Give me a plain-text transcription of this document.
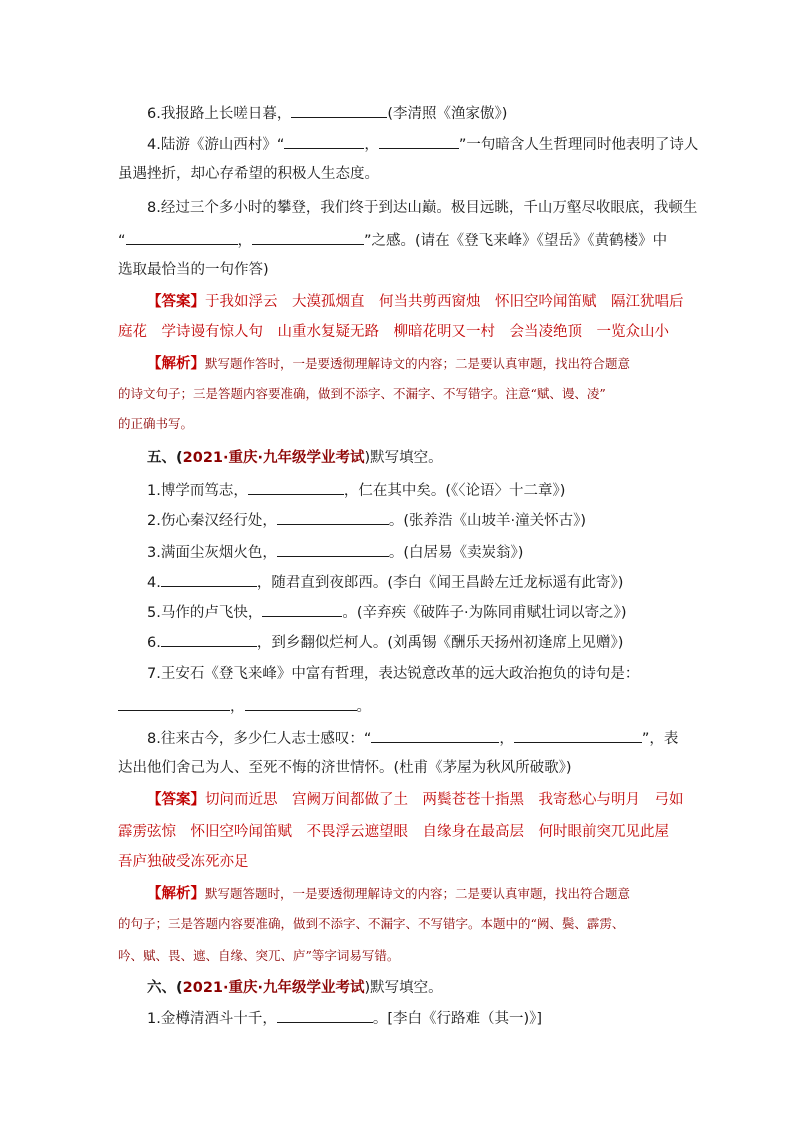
6.我报路上长嗟日暮，	(李清照《渔家傲》)
4.陆游《游山西村》“	，	”一句暗含人生哲理同时他表明了诗人
虽遇挫折，却心存希望的积极人生态度。
8.经过三个多小时的攀登，我们终于到达山巅。极目远眺，千山万壑尽收眼底，我顿生
“	，	”之感。(请在《登飞来峰》《望岳》《黄鹤楼》中
选取最恰当的一句作答)
【答案】于我如浮云　大漠孤烟直　何当共剪西窗烛　怀旧空吟闻笛赋　隔江犹唱后
庭花　学诗谩有惊人句　山重水复疑无路　柳暗花明又一村　会当凌绝顶　一览众山小
【解析】默写题作答时，一是要透彻理解诗文的内容；二是要认真审题，找出符合题意
的诗文句子；三是答题内容要准确，做到不添字、不漏字、不写错字。注意“赋、谩、凌”
的正确书写。
五、(2021·重庆·九年级学业考试)默写填空。
1.博学而笃志，	，仁在其中矣。(《〈论语〉十二章》)
2.伤心秦汉经行处，	。(张养浩《山坡羊·潼关怀古》)
3.满面尘灰烟火色，	。(白居易《卖炭翁》)
4.	，随君直到夜郎西。(李白《闻王昌龄左迁龙标遥有此寄》)
5.马作的卢飞快，	。(辛弃疾《破阵子·为陈同甫赋壮词以寄之》)
6.	，到乡翻似烂柯人。(刘禹锡《酬乐天扬州初逢席上见赠》)
7.王安石《登飞来峰》中富有哲理，表达锐意改革的远大政治抱负的诗句是：
，	。
8.往来古今，多少仁人志士感叹：“	，	”，表
达出他们舍己为人、至死不悔的济世情怀。(杜甫《茅屋为秋风所破歌》)
【答案】切问而近思　宫阙万间都做了土　两鬓苍苍十指黑　我寄愁心与明月　弓如
霹雳弦惊　怀旧空吟闻笛赋　不畏浮云遮望眼　自缘身在最高层　何时眼前突兀见此屋
吾庐独破受冻死亦足
【解析】默写题答题时，一是要透彻理解诗文的内容；二是要认真审题，找出符合题意
的句子；三是答题内容要准确，做到不添字、不漏字、不写错字。本题中的“阙、鬓、霹雳、
吟、赋、畏、遮、自缘、突兀、庐”等字词易写错。
六、(2021·重庆·九年级学业考试)默写填空。
1.金樽清酒斗十千，	。[李白《行路难（其一)》]
